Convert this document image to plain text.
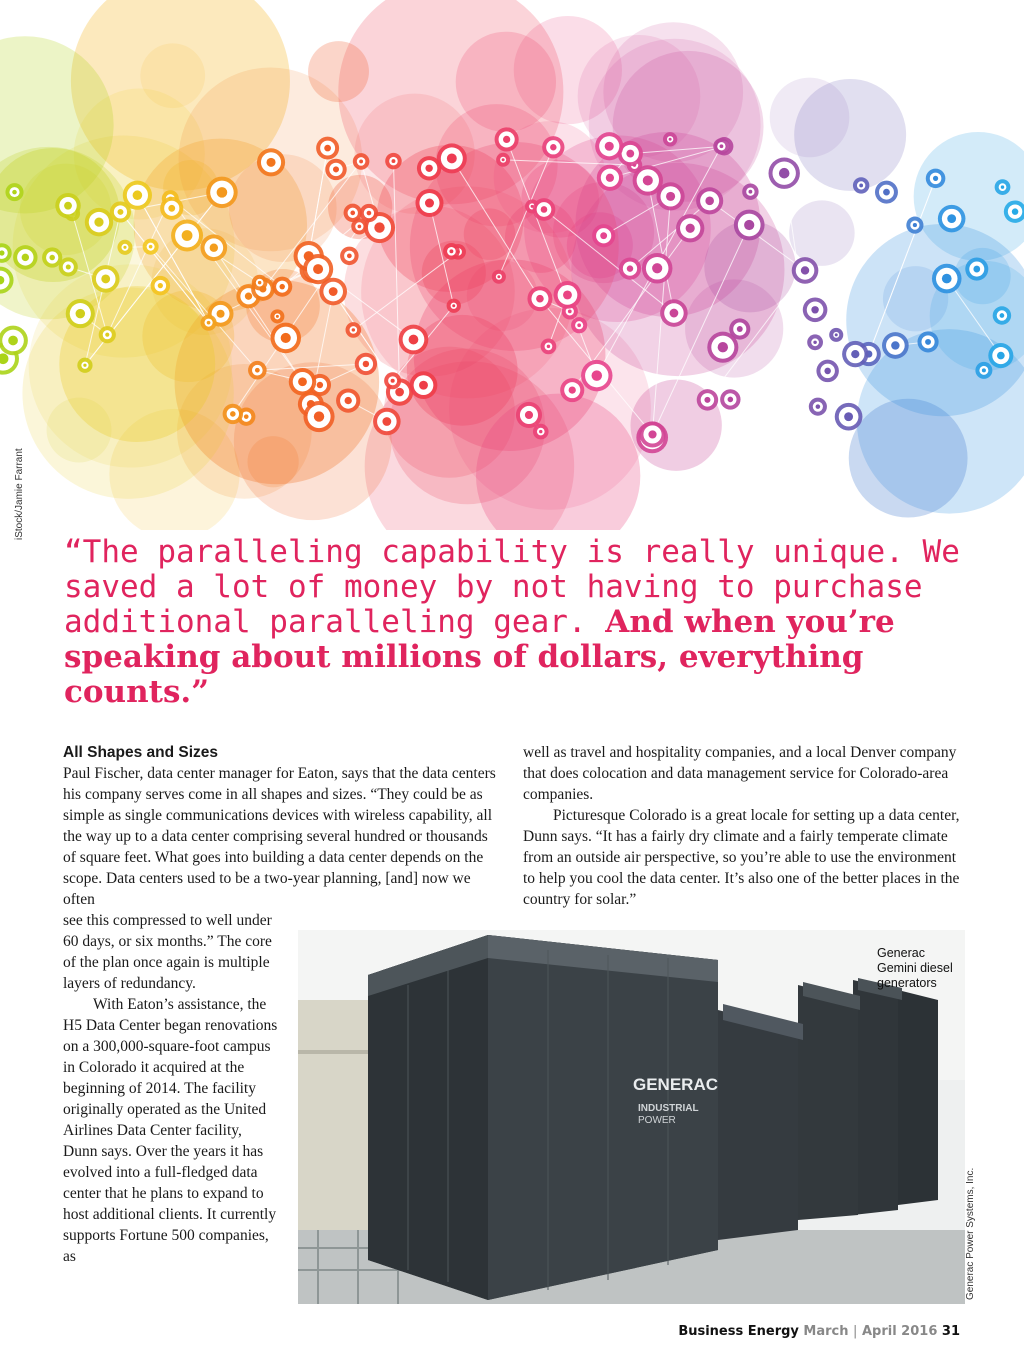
iStock/Jamie Farrant
“The paralleling capability is really unique. We saved a lot of money by not having to purchase additional paralleling gear. And when you’re speaking about millions of dollars, everything counts.”
All Shapes and Sizes

Paul Fischer, data center manager for Eaton, says that the data centers his company serves come in all shapes and sizes. “They could be as simple as single communications devices with wireless capability, all the way up to a data center comprising several hundred or thousands of square feet. What goes into building a data center depends on the scope. Data centers used to be a two-year planning, [and] now we often

see this compressed to well under 60 days, or six months.” The core of the plan once again is multiple layers of redundancy.

With Eaton’s assistance, the H5 Data Center began renovations on a 300,000-square-foot campus in Colorado it acquired at the beginning of 2014. The facility originally operated as the United Airlines Data Center facility, Dunn says. Over the years it has evolved into a full-fledged data center that he plans to expand to host additional clients. It currently supports Fortune 500 companies, as

well as travel and hospitality companies, and a local Denver company that does colocation and data management service for Colorado-area companies.

Picturesque Colorado is a great locale for setting up a data center, Dunn says. “It has a fairly dry climate and a fairly temperate climate from an outside air perspective, so you’re able to use the environment to help you cool the data center. It’s also one of the better places in the country for solar.”

GENERAC
INDUSTRIAL
POWER
Generac Gemini diesel generators
Generac Power Systems, Inc.
Business Energy March | April 2016 31
